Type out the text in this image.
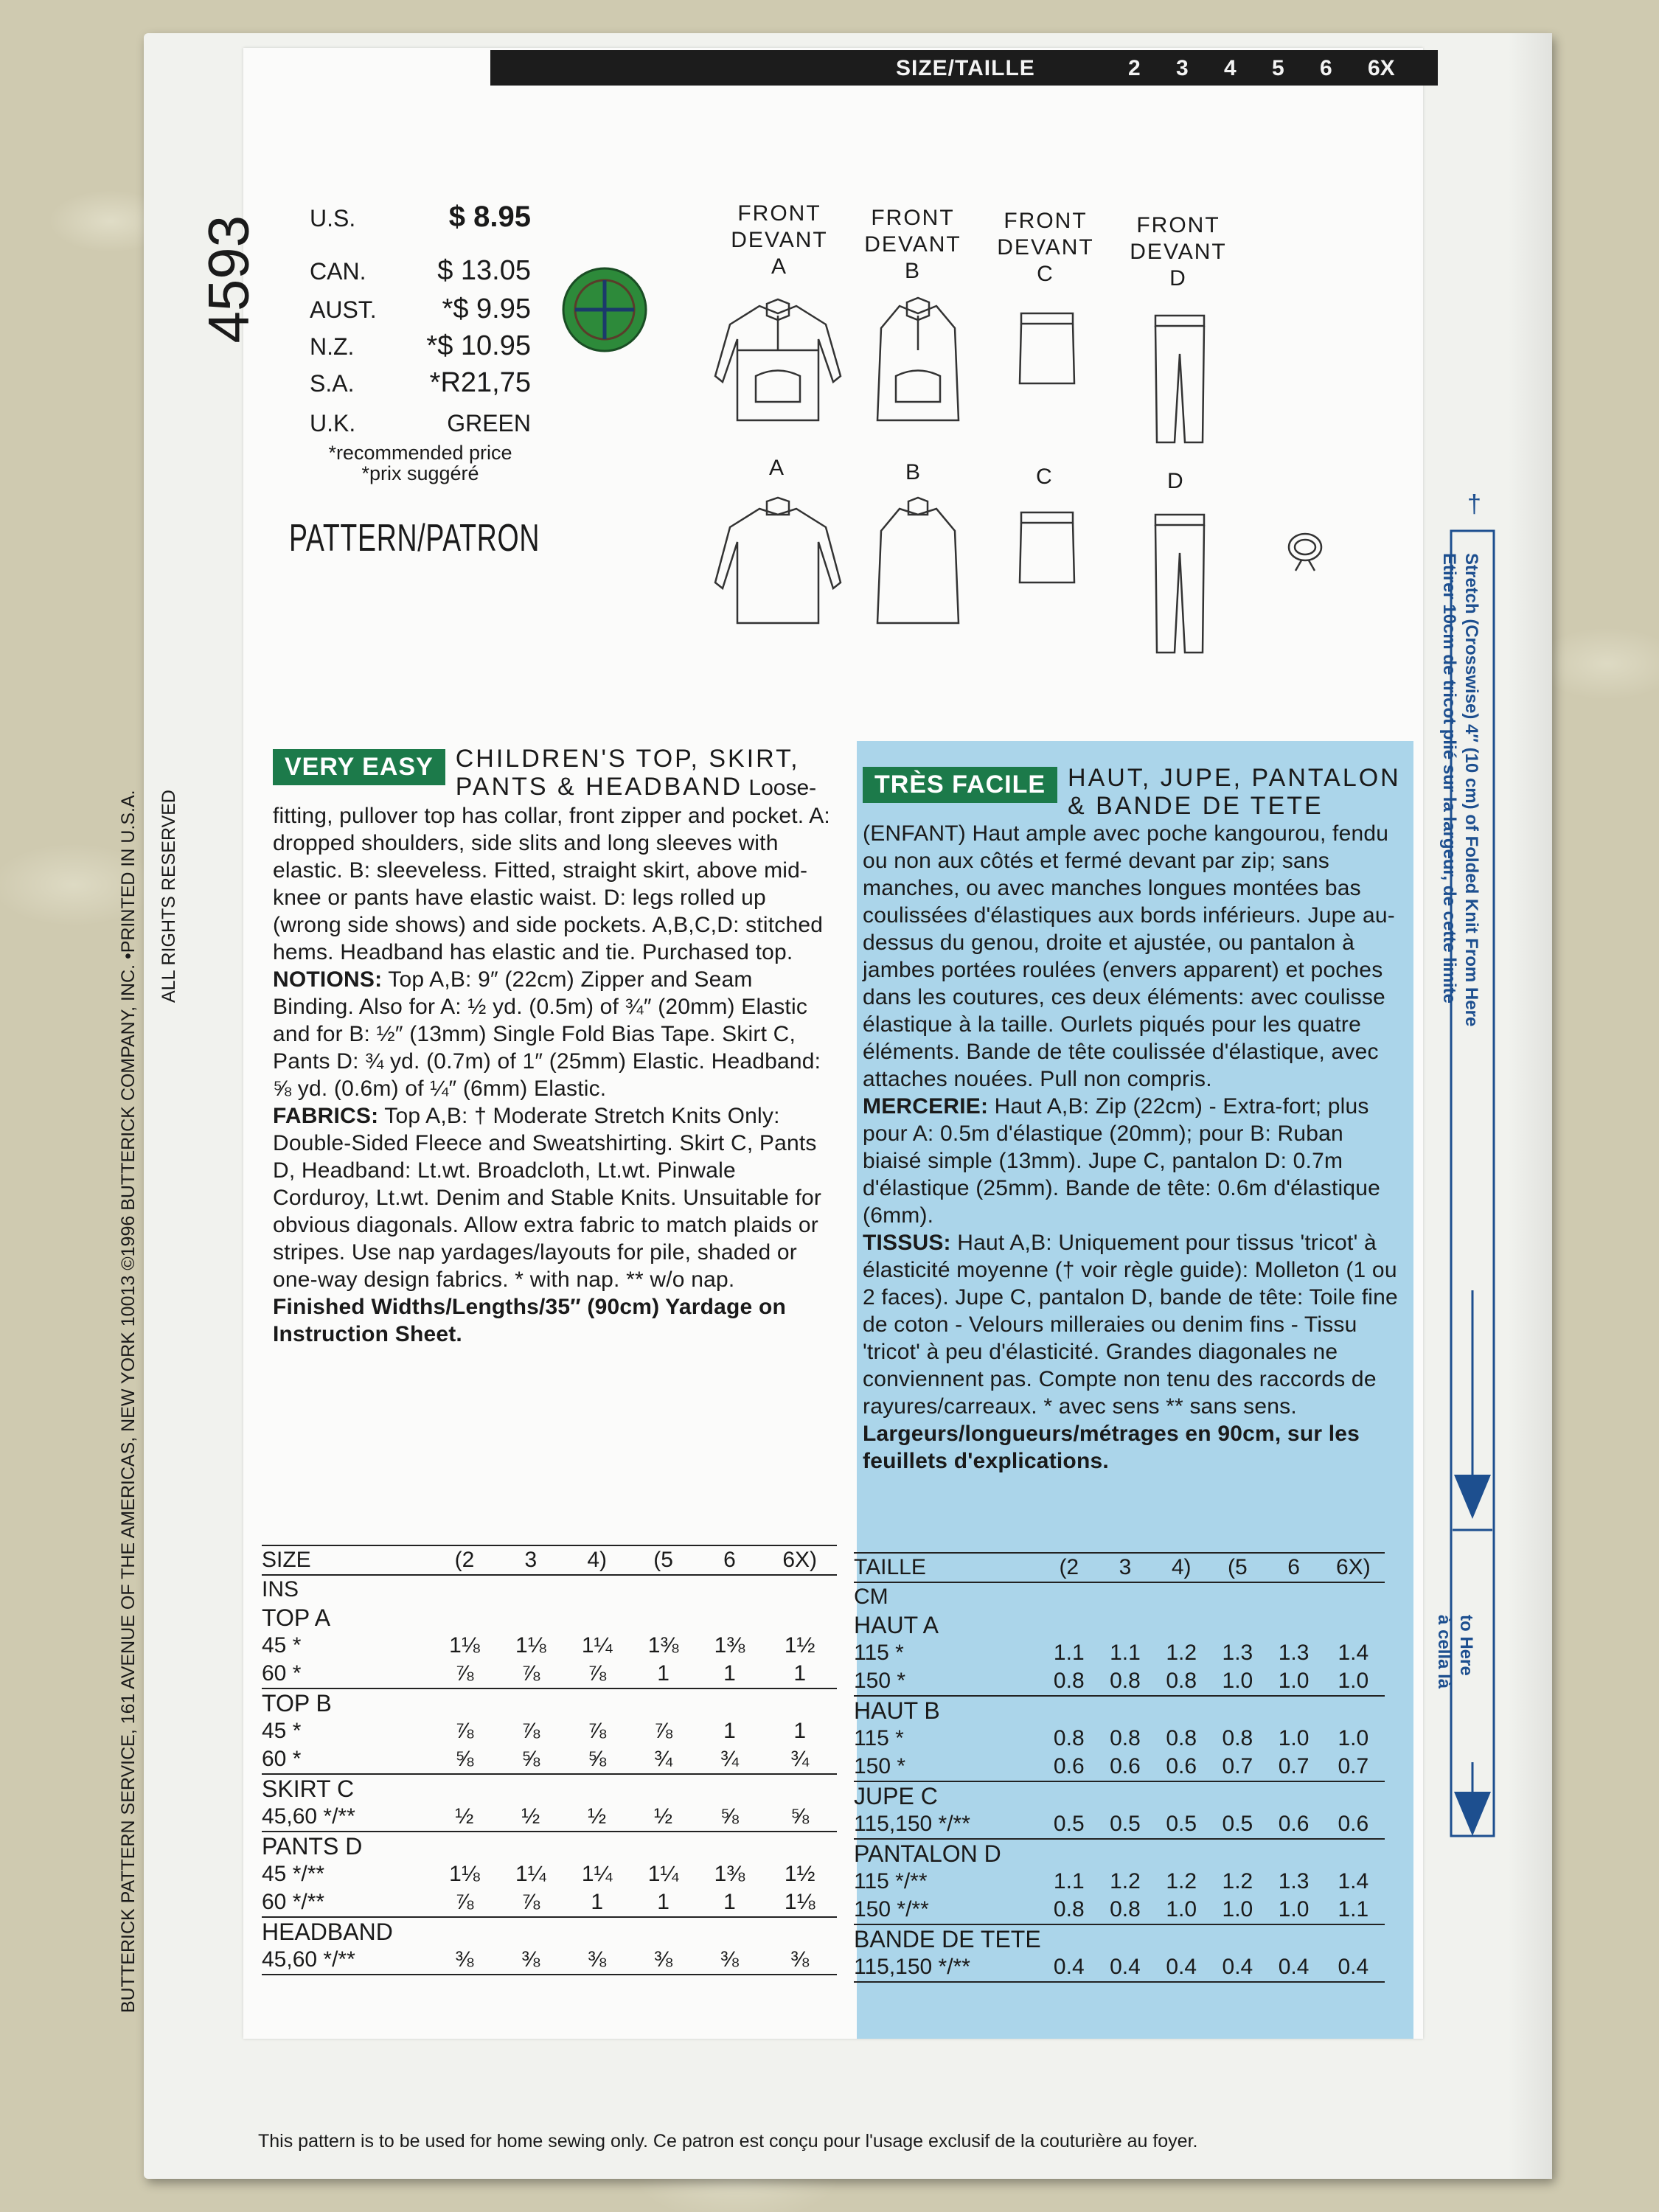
SIZE/TAILLE	2 3 4 5 6 6X
4593
BUTTERICK PATTERN SERVICE, 161 AVENUE OF THE AMERICAS, NEW YORK 10013 ©1996 BUTTERICK COMPANY, INC. •PRINTED IN U.S.A. ALL RIGHTS RESERVED
U.S.	$ 8.95
CAN.	$ 13.05
AUST. *$ 9.95
N.Z.	*$ 10.95
S.A.	*R21,75
U.K.	GREEN
*recommended price
*prix suggéré
PATTERN/PATRON
FRONT
DEVANT
A
FRONT
DEVANT
B
FRONT
DEVANT
C
FRONT
DEVANT
D
A	B	C	D
VERY EASY CHILDREN'S TOP, SKIRT,
PANTS & HEADBAND Loose-
fitting, pullover top has collar, front zipper and pocket. A: dropped shoulders, side slits and long sleeves with elastic. B: sleeveless. Fitted, straight skirt, above mid-knee or pants have elastic waist. D: legs rolled up (wrong side shows) and side pockets. A,B,C,D: stitched hems. Headband has elastic and tie. Purchased top.
NOTIONS: Top A,B: 9″ (22cm) Zipper and Seam Binding. Also for A: ½ yd. (0.5m) of ¾″ (20mm) Elastic and for B: ½″ (13mm) Single Fold Bias Tape. Skirt C, Pants D: ¾ yd. (0.7m) of 1″ (25mm) Elastic. Headband: ⅝ yd. (0.6m) of ¼″ (6mm) Elastic.
FABRICS: Top A,B: † Moderate Stretch Knits Only: Double-Sided Fleece and Sweatshirting. Skirt C, Pants D, Headband: Lt.wt. Broadcloth, Lt.wt. Pinwale Corduroy, Lt.wt. Denim and Stable Knits. Unsuitable for obvious diagonals. Allow extra fabric to match plaids or stripes. Use nap yardages/layouts for pile, shaded or one-way design fabrics. * with nap. ** w/o nap.
Finished Widths/Lengths/35″ (90cm) Yardage on Instruction Sheet.
TRÈS FACILE HAUT, JUPE, PANTALON
& BANDE DE TETE
(ENFANT) Haut ample avec poche kangourou, fendu ou non aux côtés et fermé devant par zip; sans manches, ou avec manches longues montées bas coulissées d'élastiques aux bords inférieurs. Jupe au-dessus du genou, droite et ajustée, ou pantalon à jambes portées roulées (envers apparent) et poches dans les coutures, ces deux éléments: avec coulisse élastique à la taille. Ourlets piqués pour les quatre éléments. Bande de tête coulissée d'élastique, avec attaches nouées. Pull non compris.
MERCERIE: Haut A,B: Zip (22cm) - Extra-fort; plus pour A: 0.5m d'élastique (20mm); pour B: Ruban biaisé simple (13mm). Jupe C, pantalon D: 0.7m d'élastique (25mm). Bande de tête: 0.6m d'élastique (6mm).
TISSUS: Haut A,B: Uniquement pour tissus 'tricot' à élasticité moyenne († voir règle guide): Molleton (1 ou 2 faces). Jupe C, pantalon D, bande de tête: Toile fine de coton - Velours milleraies ou denim fins - Tissu 'tricot' à peu d'élasticité. Grandes diagonales ne conviennent pas. Compte non tenu des raccords de rayures/carreaux. * avec sens ** sans sens.
Largeurs/longueurs/métrages en 90cm, sur les feuillets d'explications.
SIZE	(2	3	4)	(5	6	6X)
INS						
TOP A						
45 *	1⅛	1⅛	1¼	1⅜	1⅜	1½
60 *	⅞	⅞	⅞	1	1	1
TOP B						
45 *	⅞	⅞	⅞	⅞	1	1
60 *	⅝	⅝	⅝	¾	¾	¾
SKIRT C						
45,60 */**	½	½	½	½	⅝	⅝
PANTS D						
45 */**	1⅛	1¼	1¼	1¼	1⅜	1½
60 */**	⅞	⅞	1	1	1	1⅛
HEADBAND						
45,60 */**	⅜	⅜	⅜	⅜	⅜	⅜

TAILLE	(2	3	4)	(5	6	6X)
CM						
HAUT A						
115 *	1.1	1.1	1.2	1.3	1.3	1.4
150 *	0.8	0.8	0.8	1.0	1.0	1.0
HAUT B						
115 *	0.8	0.8	0.8	0.8	1.0	1.0
150 *	0.6	0.6	0.6	0.7	0.7	0.7
JUPE C						
115,150 */**	0.5	0.5	0.5	0.5	0.6	0.6
PANTALON D						
115 */**	1.1	1.2	1.2	1.2	1.3	1.4
150 */**	0.8	0.8	1.0	1.0	1.0	1.1
BANDE DE TETE						
115,150 */**	0.4	0.4	0.4	0.4	0.4	0.4

†
Stretch (Crosswise) 4″ (10 cm) of Folded Knit From Here
Etirer 10cm de tricot plié sur la largeur, de cette limite
to Here
à cella là
This pattern is to be used for home sewing only. Ce patron est conçu pour l'usage exclusif de la couturière au foyer.
